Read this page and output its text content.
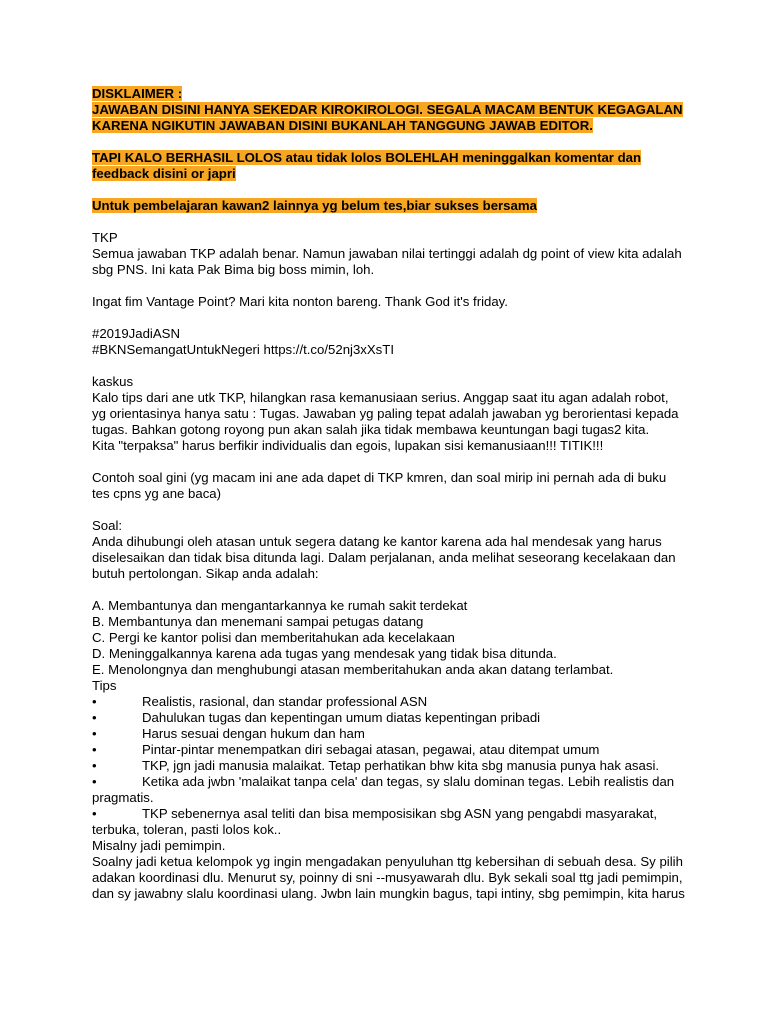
DISKLAIMER :
JAWABAN DISINI HANYA SEKEDAR KIROKIROLOGI. SEGALA MACAM BENTUK KEGAGALAN
KARENA NGIKUTIN JAWABAN DISINI BUKANLAH TANGGUNG JAWAB EDITOR.
TAPI KALO BERHASIL LOLOS atau tidak lolos BOLEHLAH meninggalkan komentar dan
feedback disini or japri
Untuk pembelajaran kawan2 lainnya yg belum tes,biar sukses bersama
TKP
Semua jawaban TKP adalah benar. Namun jawaban nilai tertinggi adalah dg point of view kita adalah
sbg PNS. Ini kata Pak Bima big boss mimin, loh.
Ingat fim Vantage Point? Mari kita nonton bareng. Thank God it's friday.
#2019JadiASN
#BKNSemangatUntukNegeri https://t.co/52nj3xXsTI
kaskus
Kalo tips dari ane utk TKP, hilangkan rasa kemanusiaan serius. Anggap saat itu agan adalah robot,
yg orientasinya hanya satu : Tugas. Jawaban yg paling tepat adalah jawaban yg berorientasi kepada
tugas. Bahkan gotong royong pun akan salah jika tidak membawa keuntungan bagi tugas2 kita.
Kita "terpaksa" harus berfikir individualis dan egois, lupakan sisi kemanusiaan!!! TITIK!!!
Contoh soal gini (yg macam ini ane ada dapet di TKP kmren, dan soal mirip ini pernah ada di buku
tes cpns yg ane baca)
Soal:
Anda dihubungi oleh atasan untuk segera datang ke kantor karena ada hal mendesak yang harus
diselesaikan dan tidak bisa ditunda lagi. Dalam perjalanan, anda melihat seseorang kecelakaan dan
butuh pertolongan. Sikap anda adalah:
A. Membantunya dan mengantarkannya ke rumah sakit terdekat
B. Membantunya dan menemani sampai petugas datang
C. Pergi ke kantor polisi dan memberitahukan ada kecelakaan
D. Meninggalkannya karena ada tugas yang mendesak yang tidak bisa ditunda.
E. Menolongnya dan menghubungi atasan memberitahukan anda akan datang terlambat.
Tips
•	Realistis, rasional, dan standar professional ASN
•	Dahulukan tugas dan kepentingan umum diatas kepentingan pribadi
•	Harus sesuai dengan hukum dan ham
•	Pintar-pintar menempatkan diri sebagai atasan, pegawai, atau ditempat umum
•	TKP, jgn jadi manusia malaikat. Tetap perhatikan bhw kita sbg manusia punya hak asasi.
•	Ketika ada jwbn 'malaikat tanpa cela' dan tegas, sy slalu dominan tegas. Lebih realistis dan
pragmatis.
•	TKP sebenernya asal teliti dan bisa memposisikan sbg ASN yang pengabdi masyarakat,
terbuka, toleran, pasti lolos kok..
Misalny jadi pemimpin.
Soalny jadi ketua kelompok yg ingin mengadakan penyuluhan ttg kebersihan di sebuah desa. Sy pilih
adakan koordinasi dlu. Menurut sy, poinny di sni --musyawarah dlu. Byk sekali soal ttg jadi pemimpin,
dan sy jawabny slalu koordinasi ulang. Jwbn lain mungkin bagus, tapi intiny, sbg pemimpin, kita harus
